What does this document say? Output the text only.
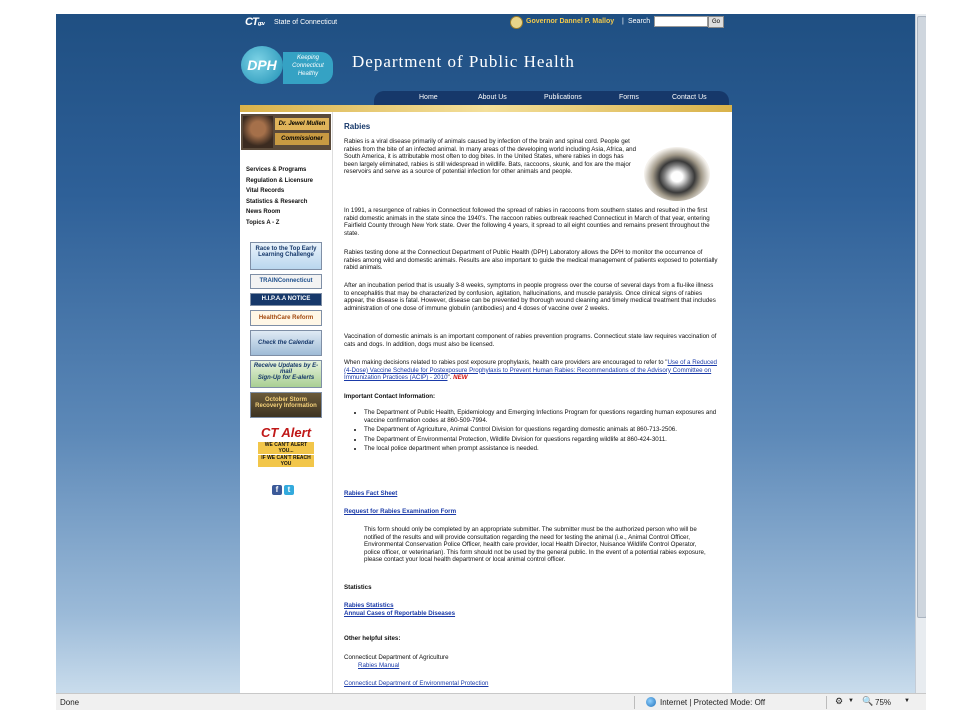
CT.gov State of Connecticut	Governor Dannel P. Malloy | Search	Go
DPH	Keeping Connecticut Healthy
Department of Public Health
Home	About Us	Publications	Forms	Contact Us
Dr. Jewel Mullen
Commissioner
Services & Programs
Regulation & Licensure
Vital Records
Statistics & Research
News Room
Topics A - Z
Race to the Top Early Learning Challenge
TRAINConnecticut
H.I.P.A.A NOTICE
HealthCare Reform
Check the Calendar
Receive Updates by E-mail
Sign-Up for E-alerts
October Storm Recovery Information
CT Alert
WE CAN'T ALERT YOU...
IF WE CAN'T REACH YOU
f t
Rabies

Rabies is a viral disease primarily of animals caused by infection of the brain and spinal cord. People get rabies from the bite of an infected animal. In many areas of the developing world including Asia, Africa, and South America, it is attributable most often to dog bites. In the United States, where rabies in dogs has been largely eliminated, rabies is still widespread in wildlife. Bats, raccoons, skunk, and fox are the major reservoirs and serve as a source of potential infection for other animals and people.

In 1991, a resurgence of rabies in Connecticut followed the spread of rabies in raccoons from southern states and resulted in the first rabid domestic animals in the state since the 1940's. The raccoon rabies outbreak reached Connecticut in March of that year, entering Fairfield County through New York state. Over the following 4 years, it spread to all eight counties and remains present throughout the state.

Rabies testing done at the Connecticut Department of Public Health (DPH) Laboratory allows the DPH to monitor the occurrence of rabies among wild and domestic animals. Results are also important to guide the medical management of patients exposed to potentially rabid animals.

After an incubation period that is usually 3-8 weeks, symptoms in people progress over the course of several days from a flu-like illness to encephalitis that may be characterized by confusion, agitation, hallucinations, and muscle paralysis. Once clinical signs of rabies appear, the disease is fatal. However, disease can be prevented by thorough wound cleaning and timely medical treatment that includes administration of one dose of immune globulin (antibodies) and 4 doses of vaccine over 2 weeks.

Vaccination of domestic animals is an important component of rabies prevention programs. Connecticut state law requires vaccination of cats and dogs. In addition, dogs must also be licensed.

When making decisions related to rabies post exposure prophylaxis, health care providers are encouraged to refer to "Use of a Reduced (4-Dose) Vaccine Schedule for Postexposure Prophylaxis to Prevent Human Rabies: Recommendations of the Advisory Committee on Immunization Practices (ACIP) - 2010". NEW

Important Contact Information:
• The Department of Public Health, Epidemiology and Emerging Infections Program for questions regarding human exposures and vaccine confirmation codes at 860-509-7994.
• The Department of Agriculture, Animal Control Division for questions regarding domestic animals at 860-713-2506.
• The Department of Environmental Protection, Wildlife Division for questions regarding wildlife at 860-424-3011.
• The local police department when prompt assistance is needed.
Rabies Fact Sheet
Request for Rabies Examination Form

This form should only be completed by an appropriate submitter. The submitter must be the authorized person who will be notified of the results and will provide consultation regarding the need for testing the animal (i.e., Animal Control Officer, Environmental Conservation Police Officer, health care provider, local Health Director, Nuisance Wildlife Control Operator, police officer, or veterinarian). This form should not be used by the general public. In the event of a potential rabies exposure, please contact your local health department or local animal control officer.

Statistics
Rabies Statistics
Annual Cases of Reportable Diseases
Other helpful sites:
Connecticut Department of Agriculture
Rabies Manual
Connecticut Department of Environmental Protection
Done	Internet | Protected Mode: Off	⚙ ▼ 🔍 75% ▼
